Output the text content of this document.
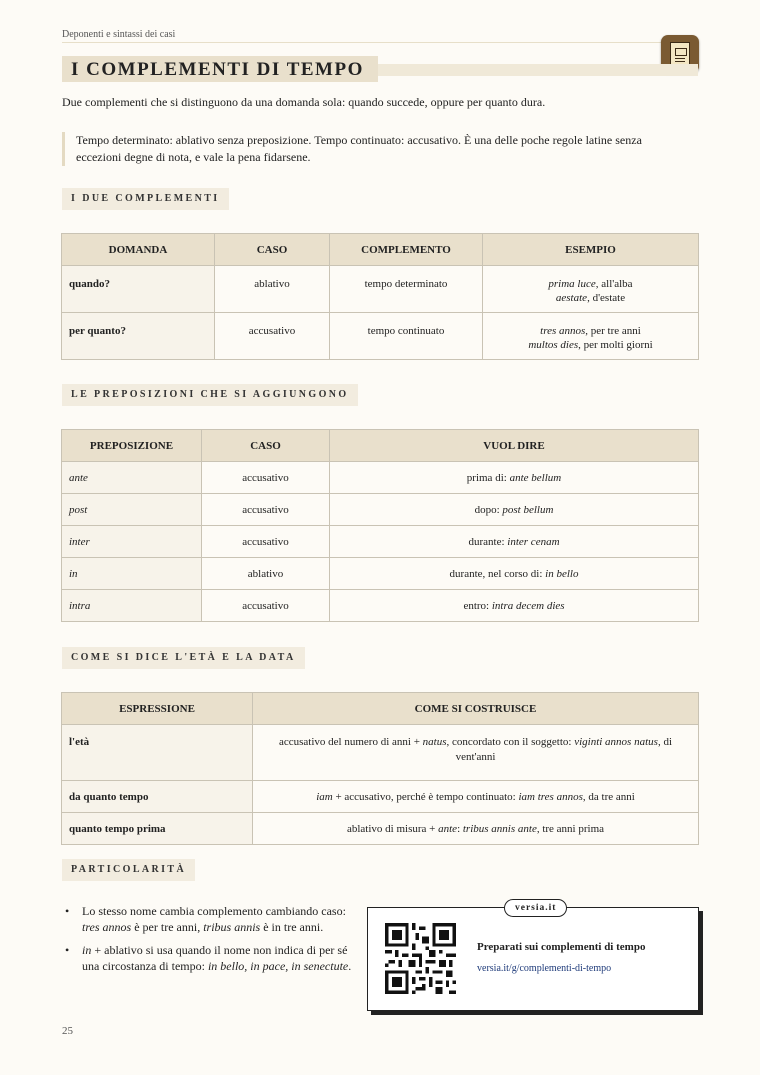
Deponenti e sintassi dei casi
I COMPLEMENTI DI TEMPO
Due complementi che si distinguono da una domanda sola: quando succede, oppure per quanto dura.
Tempo determinato: ablativo senza preposizione. Tempo continuato: accusativo. È una delle poche regole latine senza eccezioni degne di nota, e vale la pena fidarsene.
I DUE COMPLEMENTI
DOMANDA	CASO	COMPLEMENTO	ESEMPIO
quando?	ablativo	tempo determinato	prima luce, all'alba
aestate, d'estate
per quanto?	accusativo	tempo continuato	tres annos, per tre anni
multos dies, per molti giorni
LE PREPOSIZIONI CHE SI AGGIUNGONO
PREPOSIZIONE	CASO	VUOL DIRE
ante	accusativo	prima di: ante bellum
post	accusativo	dopo: post bellum
inter	accusativo	durante: inter cenam
in	ablativo	durante, nel corso di: in bello
intra	accusativo	entro: intra decem dies
COME SI DICE L'ETÀ E LA DATA
ESPRESSIONE	COME SI COSTRUISCE
l'età	accusativo del numero di anni + natus, concordato con il soggetto: viginti annos natus, di vent'anni
da quanto tempo	iam + accusativo, perché è tempo continuato: iam tres annos, da tre anni
quanto tempo prima	ablativo di misura + ante: tribus annis ante, tre anni prima
PARTICOLARITÀ
• Lo stesso nome cambia complemento cambiando caso: tres annos è per tre anni, tribus annis è in tre anni.
• in + ablativo si usa quando il nome non indica di per sé una circostanza di tempo: in bello, in pace, in senectute.
versia.it
Preparati sui complementi di tempo
versia.it/g/complementi-di-tempo
25
